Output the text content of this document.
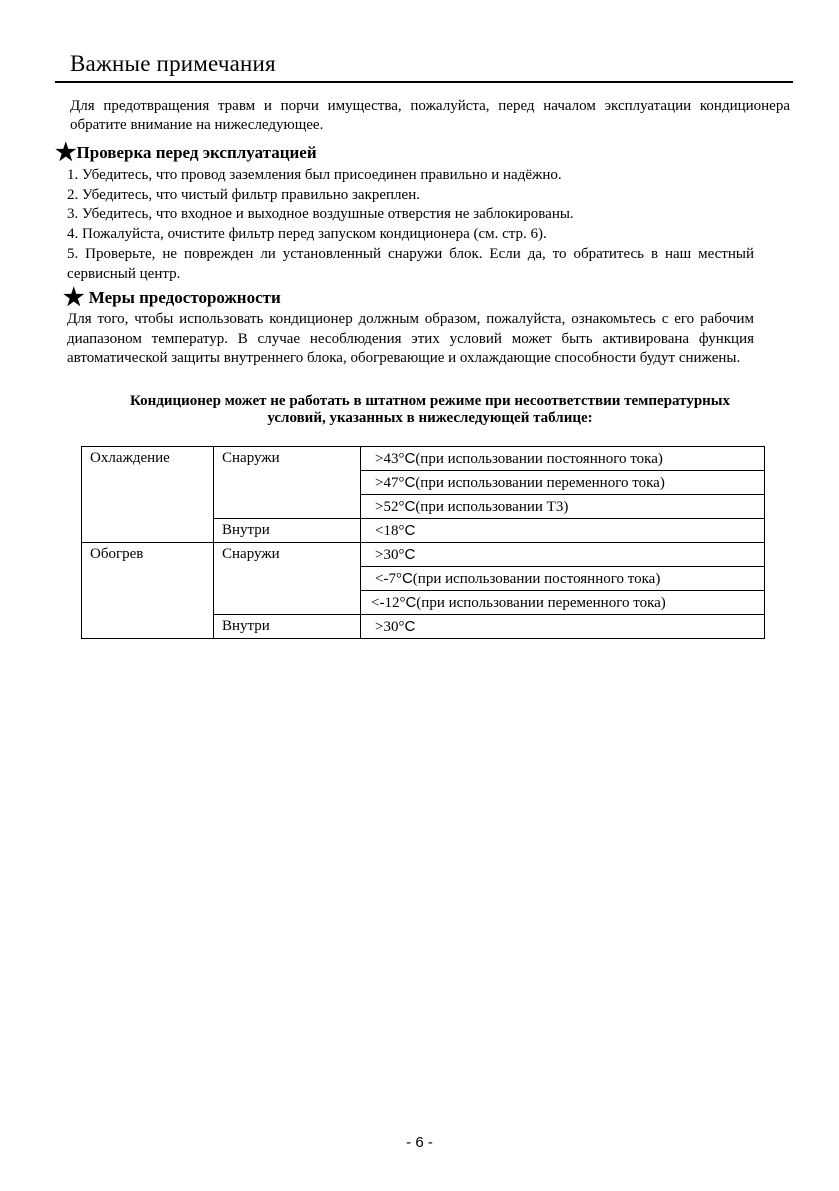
Важные примечания
Для предотвращения травм и порчи имущества, пожалуйста, перед началом эксплуатации кондиционера обратите внимание на нижеследующее.
★Проверка перед эксплуатацией
1. Убедитесь, что провод заземления был присоединен правильно и надёжно.
2. Убедитесь, что чистый фильтр правильно закреплен.
3. Убедитесь, что входное и выходное воздушные отверстия не заблокированы.
4. Пожалуйста, очистите фильтр перед запуском кондиционера (см. стр. 6).
5. Проверьте, не поврежден ли установленный снаружи блок. Если да, то обратитесь в наш местный сервисный центр.
★ Меры предосторожности
Для того, чтобы использовать кондиционер должным образом, пожалуйста, ознакомьтесь с его рабочим диапазоном температур. В случае несоблюдения этих условий может быть активирована функция автоматической защиты внутреннего блока, обогревающие и охлаждающие способности будут снижены.
Кондиционер может не работать в штатном режиме при несоответствии температурных
условий, указанных в нижеследующей таблице:
Охлаждение	Снаружи	>43°C(при использовании постоянного тока)
		>47°C(при использовании переменного тока)
		>52°C(при использовании Т3)
	Внутри	<18°C
Обогрев	Снаружи	>30°C
		<-7°C(при использовании постоянного тока)
		<-12°C(при использовании переменного тока)
	Внутри	>30°C
- 6 -
